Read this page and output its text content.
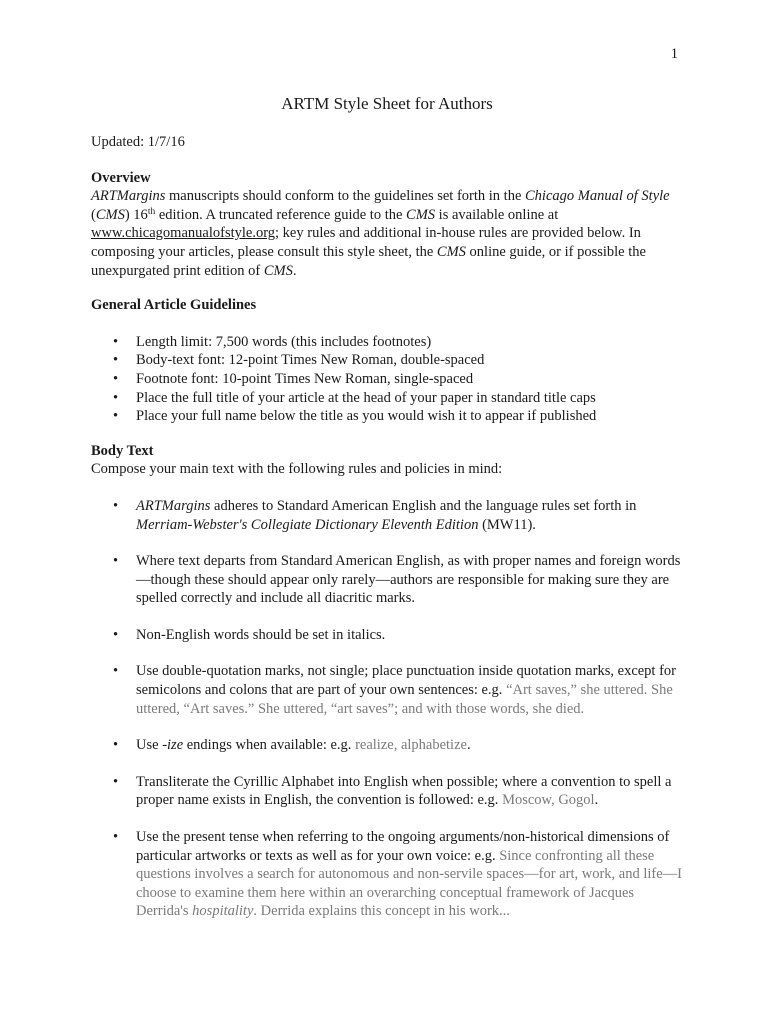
1
ARTM Style Sheet for Authors
Updated: 1/7/16
Overview

ARTMargins manuscripts should conform to the guidelines set forth in the Chicago Manual of Style (CMS) 16th edition. A truncated reference guide to the CMS is available online at www.chicagomanualofstyle.org; key rules and additional in-house rules are provided below. In composing your articles, please consult this style sheet, the CMS online guide, or if possible the unexpurgated print edition of CMS.

General Article Guidelines
• Length limit: 7,500 words (this includes footnotes)
• Body-text font: 12-point Times New Roman, double-spaced
• Footnote font: 10-point Times New Roman, single-spaced
• Place the full title of your article at the head of your paper in standard title caps
• Place your full name below the title as you would wish it to appear if published
Body Text

Compose your main text with the following rules and policies in mind:

• ARTMargins adheres to Standard American English and the language rules set forth in Merriam-Webster's Collegiate Dictionary Eleventh Edition (MW11).
• Where text departs from Standard American English, as with proper names and foreign words—though these should appear only rarely—authors are responsible for making sure they are spelled correctly and include all diacritic marks.
• Non-English words should be set in italics.
• Use double-quotation marks, not single; place punctuation inside quotation marks, except for semicolons and colons that are part of your own sentences: e.g. “Art saves,” she uttered. She uttered, “Art saves.” She uttered, “art saves”; and with those words, she died.
• Use -ize endings when available: e.g. realize, alphabetize.
• Transliterate the Cyrillic Alphabet into English when possible; where a convention to spell a proper name exists in English, the convention is followed: e.g. Moscow, Gogol.
• Use the present tense when referring to the ongoing arguments/non-historical dimensions of particular artworks or texts as well as for your own voice: e.g. Since confronting all these questions involves a search for autonomous and non-servile spaces—for art, work, and life—I choose to examine them here within an overarching conceptual framework of Jacques Derrida's hospitality. Derrida explains this concept in his work...
